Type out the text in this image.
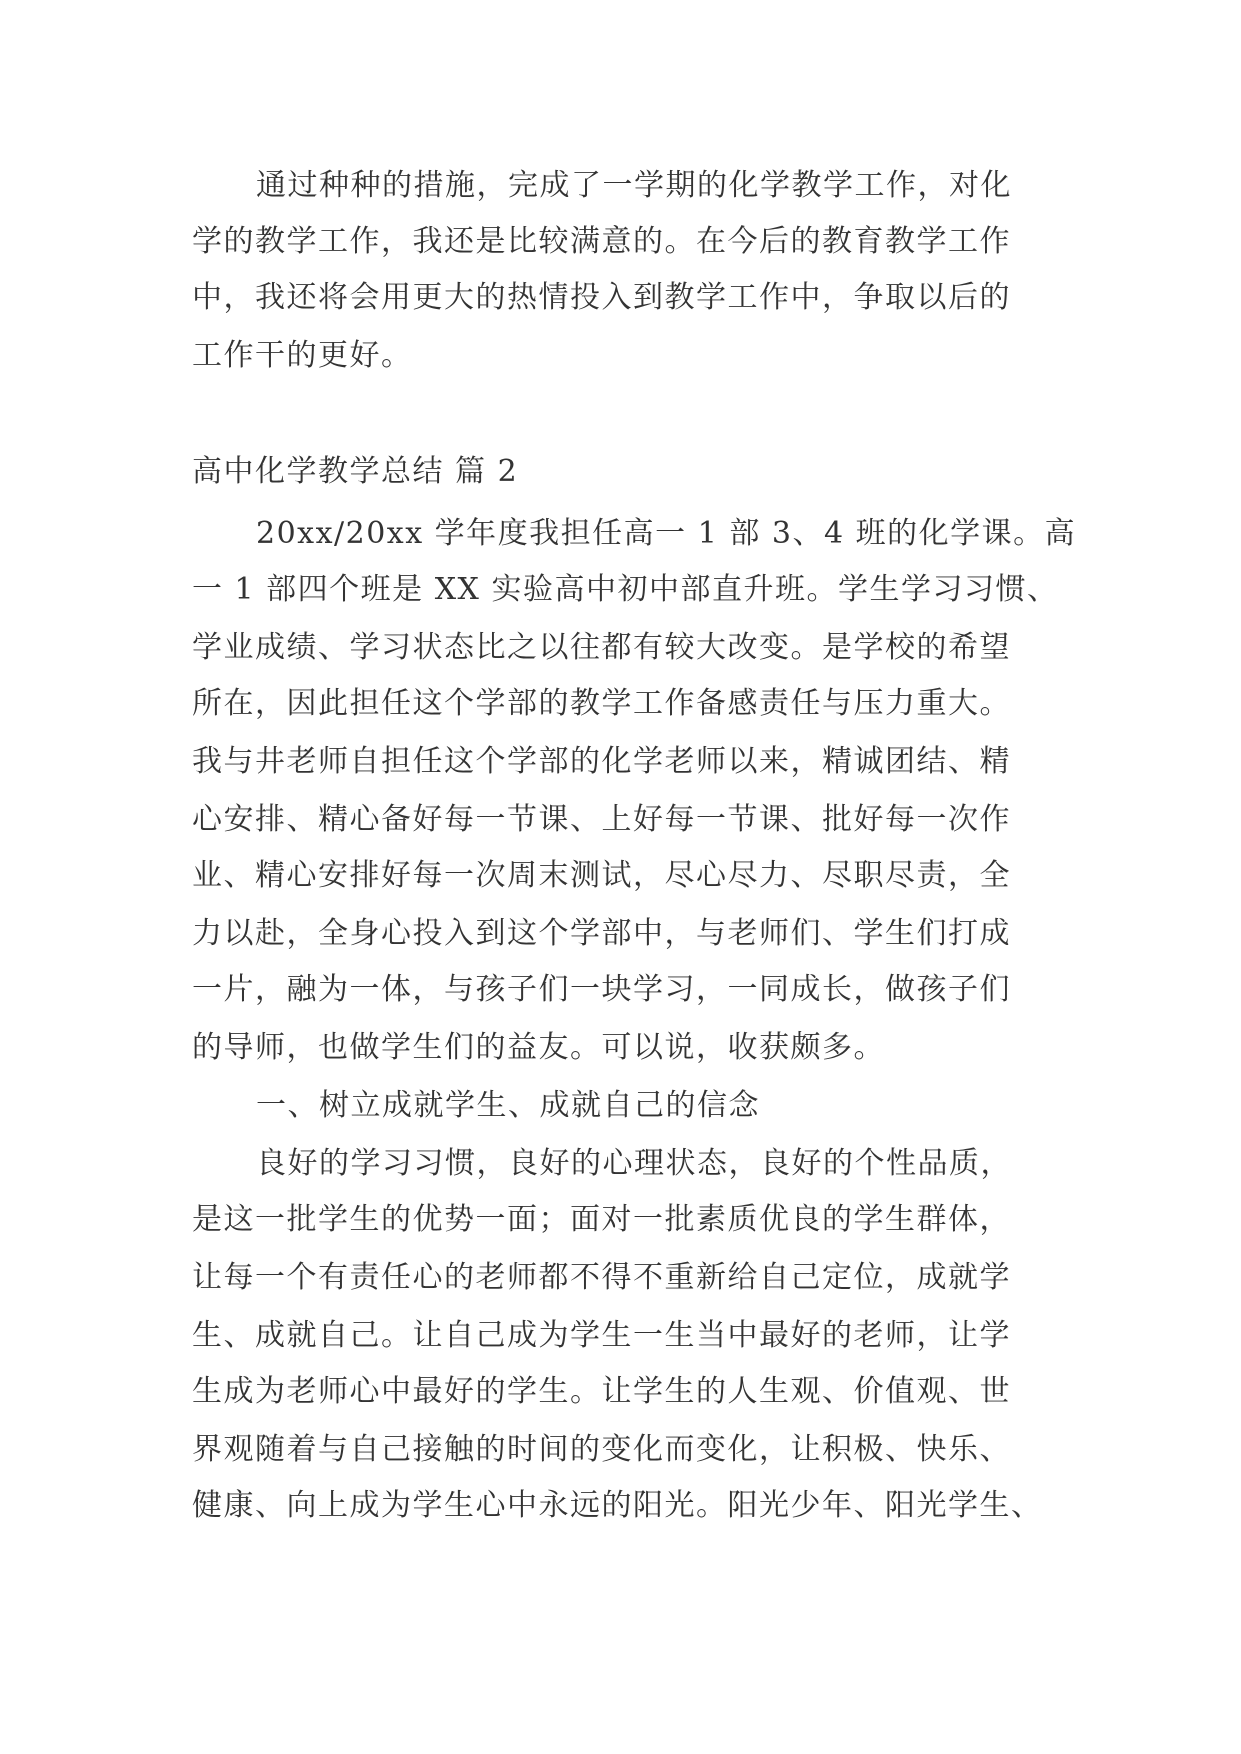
通过种种的措施，完成了一学期的化学教学工作，对化
学的教学工作，我还是比较满意的。在今后的教育教学工作
中，我还将会用更大的热情投入到教学工作中，争取以后的
工作干的更好。
高中化学教学总结 篇 2
20xx/20xx 学年度我担任高一 1 部 3、4 班的化学课。高
一 1 部四个班是 XX 实验高中初中部直升班。学生学习习惯、
学业成绩、学习状态比之以往都有较大改变。是学校的希望
所在，因此担任这个学部的教学工作备感责任与压力重大。
我与井老师自担任这个学部的化学老师以来，精诚团结、精
心安排、精心备好每一节课、上好每一节课、批好每一次作
业、精心安排好每一次周末测试，尽心尽力、尽职尽责，全
力以赴，全身心投入到这个学部中，与老师们、学生们打成
一片，融为一体，与孩子们一块学习，一同成长，做孩子们
的导师，也做学生们的益友。可以说，收获颇多。
一、树立成就学生、成就自己的信念
良好的学习习惯，良好的心理状态，良好的个性品质，
是这一批学生的优势一面；面对一批素质优良的学生群体，
让每一个有责任心的老师都不得不重新给自己定位，成就学
生、成就自己。让自己成为学生一生当中最好的老师，让学
生成为老师心中最好的学生。让学生的人生观、价值观、世
界观随着与自己接触的时间的变化而变化，让积极、快乐、
健康、向上成为学生心中永远的阳光。阳光少年、阳光学生、
